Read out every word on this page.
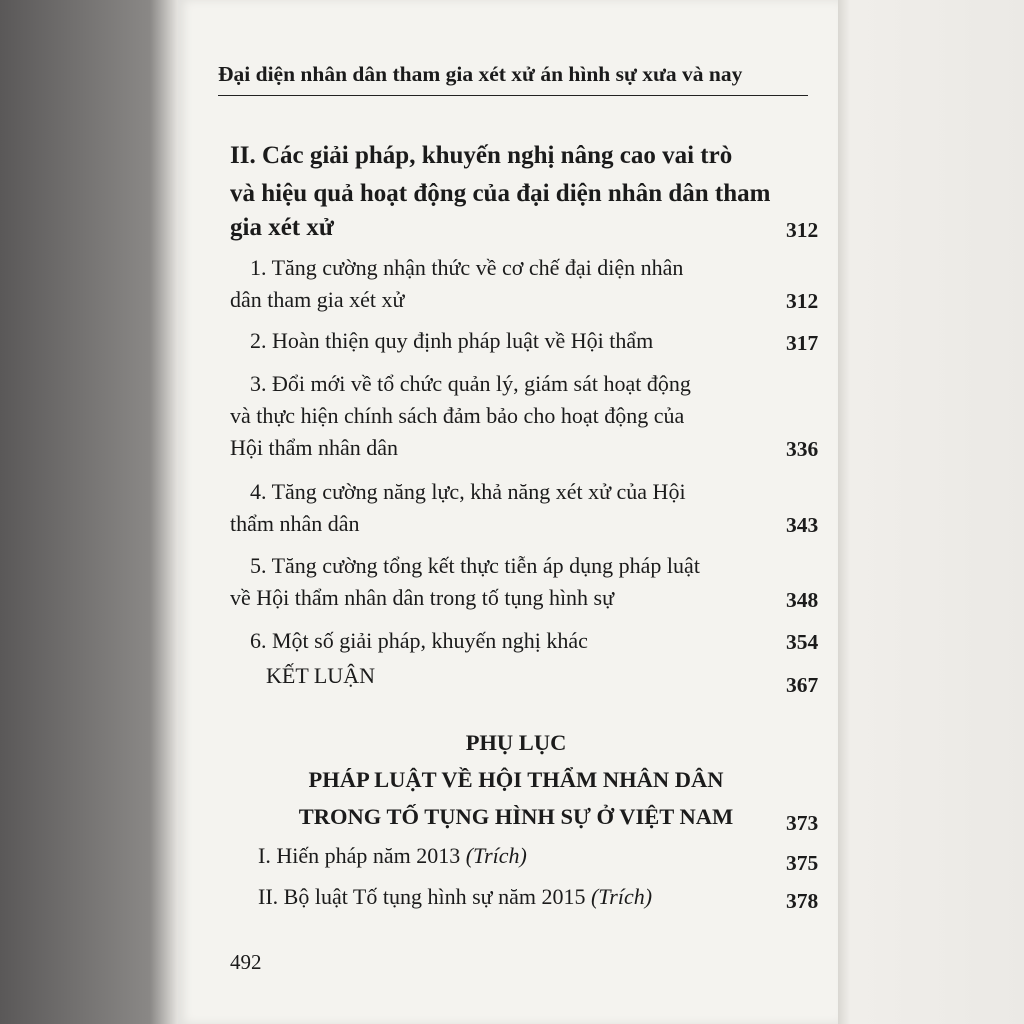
Đại diện nhân dân tham gia xét xử án hình sự xưa và nay
II. Các giải pháp, khuyến nghị nâng cao vai trò
và hiệu quả hoạt động của đại diện nhân dân tham
gia xét xử	312
1. Tăng cường nhận thức về cơ chế đại diện nhân
dân tham gia xét xử	312
2. Hoàn thiện quy định pháp luật về Hội thẩm	317
3. Đổi mới về tổ chức quản lý, giám sát hoạt động
và thực hiện chính sách đảm bảo cho hoạt động của
Hội thẩm nhân dân	336
4. Tăng cường năng lực, khả năng xét xử của Hội
thẩm nhân dân	343
5. Tăng cường tổng kết thực tiễn áp dụng pháp luật
về Hội thẩm nhân dân trong tố tụng hình sự	348
6. Một số giải pháp, khuyến nghị khác	354
KẾT LUẬN	367
PHỤ LỤC
PHÁP LUẬT VỀ HỘI THẨM NHÂN DÂN
TRONG TỐ TỤNG HÌNH SỰ Ở VIỆT NAM	373
I. Hiến pháp năm 2013 (Trích)	375
II. Bộ luật Tố tụng hình sự năm 2015 (Trích)	378
492
